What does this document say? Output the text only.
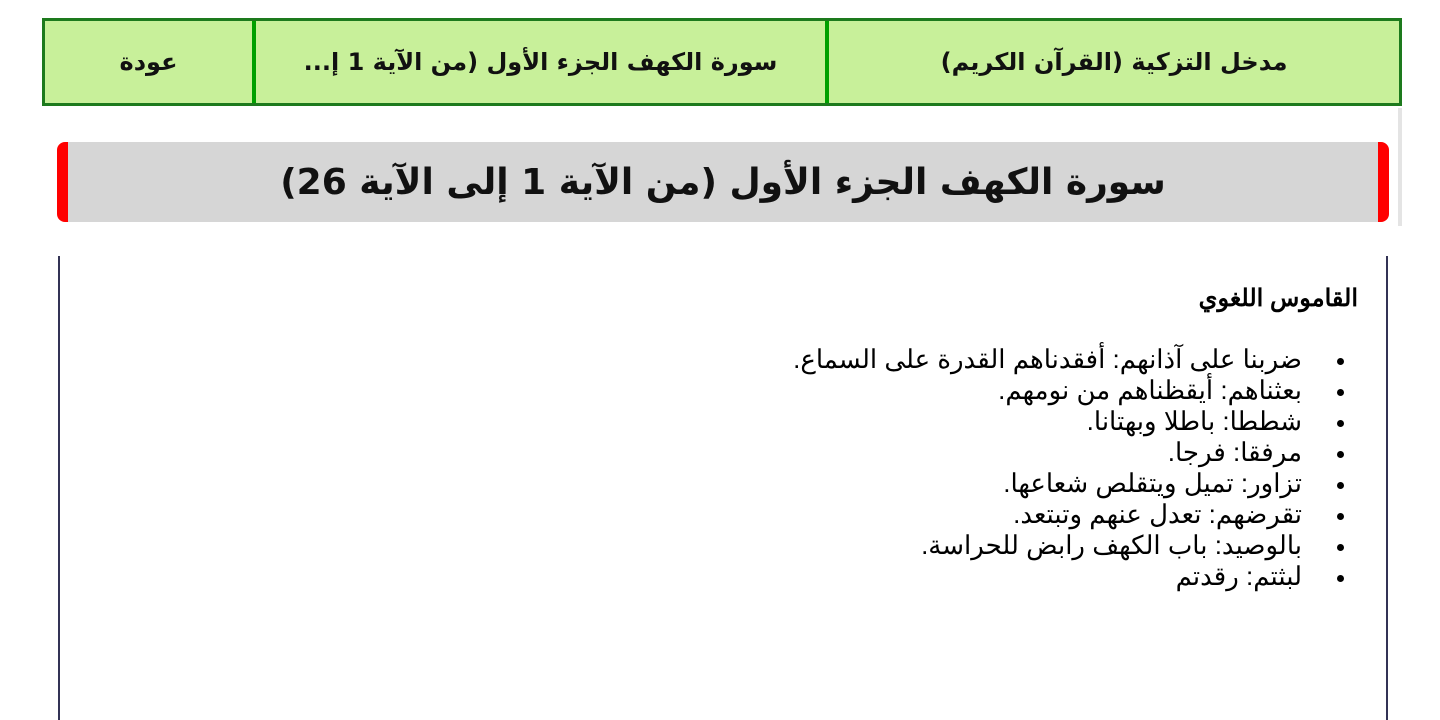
مدخل التزكية (القرآن الكريم)
سورة الكهف الجزء الأول (من الآية 1 إ...
عودة
سورة الكهف الجزء الأول (من الآية 1 إلى الآية 26)
القاموس اللغوي
ضربنا على آذانهم: أفقدناهم القدرة على السماع.
بعثناهم: أيقظناهم من نومهم.
شططا: باطلا وبهتانا.
مرفقا: فرجا.
تزاور: تميل ويتقلص شعاعها.
تقرضهم: تعدل عنهم وتبتعد.
بالوصيد: باب الكهف رابض للحراسة.
لبثتم: رقدتم
